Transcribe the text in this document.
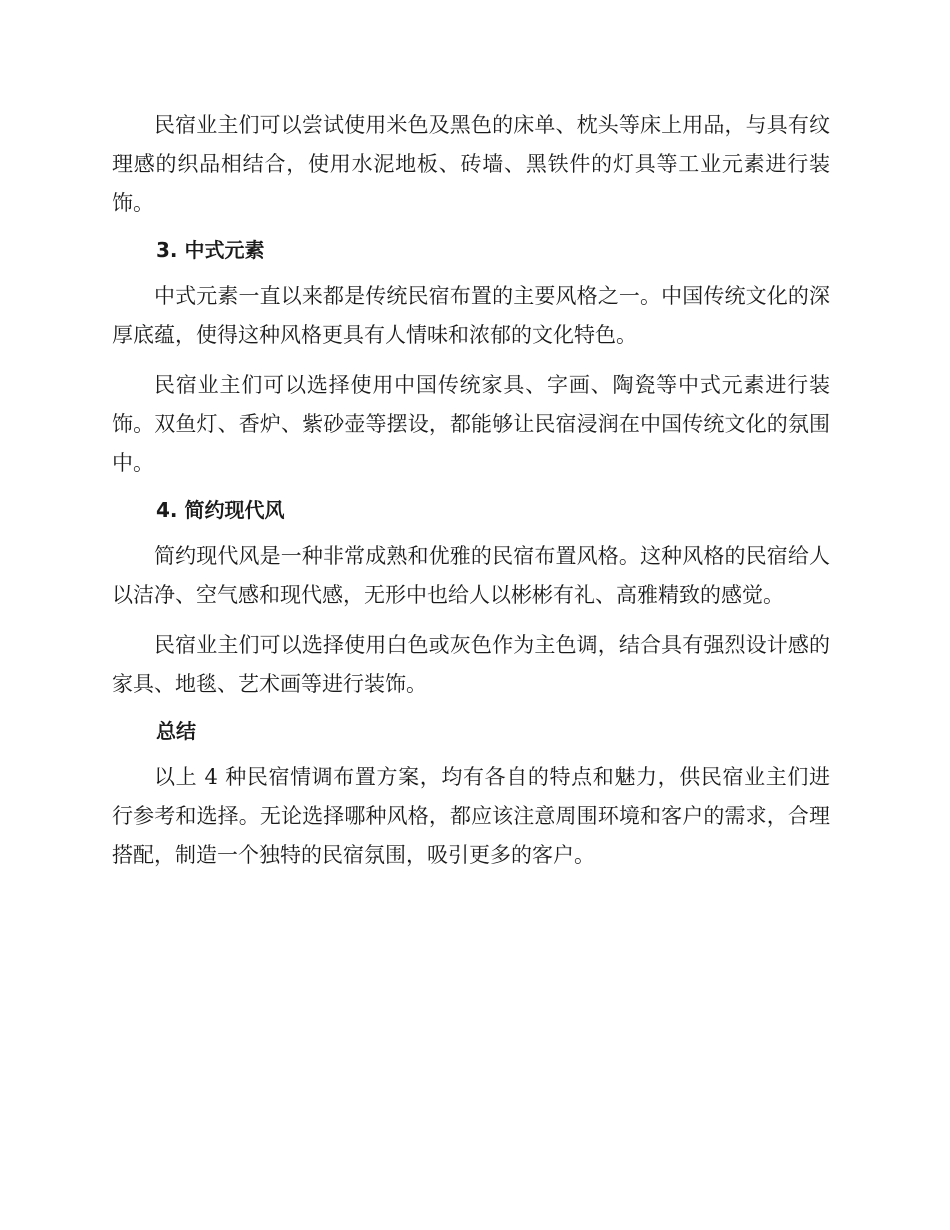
民宿业主们可以尝试使用米色及黑色的床单、枕头等床上用品，与具有纹理感的织品相结合，使用水泥地板、砖墙、黑铁件的灯具等工业元素进行装饰。

3. 中式元素

中式元素一直以来都是传统民宿布置的主要风格之一。中国传统文化的深厚底蕴，使得这种风格更具有人情味和浓郁的文化特色。

民宿业主们可以选择使用中国传统家具、字画、陶瓷等中式元素进行装饰。双鱼灯、香炉、紫砂壶等摆设，都能够让民宿浸润在中国传统文化的氛围中。

4. 简约现代风

简约现代风是一种非常成熟和优雅的民宿布置风格。这种风格的民宿给人以洁净、空气感和现代感，无形中也给人以彬彬有礼、高雅精致的感觉。

民宿业主们可以选择使用白色或灰色作为主色调，结合具有强烈设计感的家具、地毯、艺术画等进行装饰。

总结

以上 4 种民宿情调布置方案，均有各自的特点和魅力，供民宿业主们进行参考和选择。无论选择哪种风格，都应该注意周围环境和客户的需求，合理搭配，制造一个独特的民宿氛围，吸引更多的客户。
